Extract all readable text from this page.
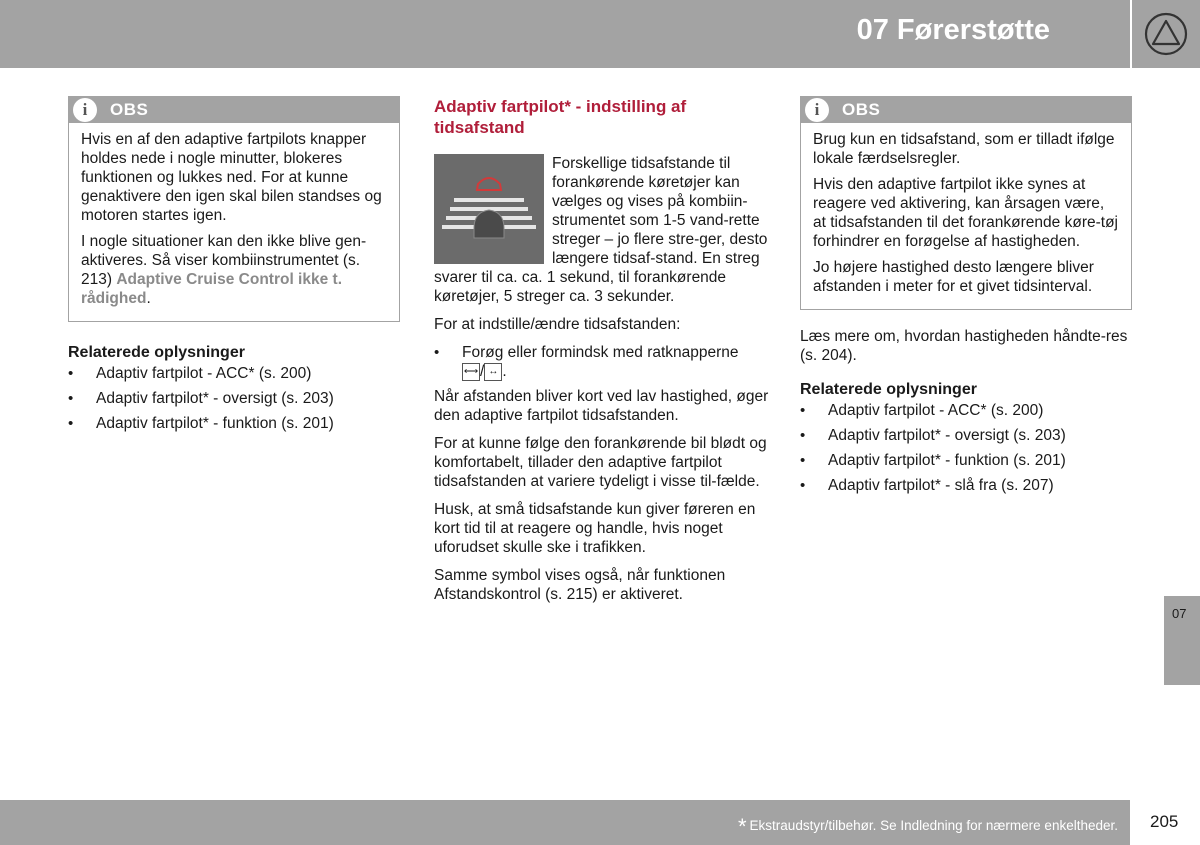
07 Førerstøtte
i	OBS

Hvis en af den adaptive fartpilots knapper holdes nede i nogle minutter, blokeres funktionen og lukkes ned. For at kunne genaktivere den igen skal bilen standses og motoren startes igen.

I nogle situationer kan den ikke blive gen-aktiveres. Så viser kombiinstrumentet (s. 213) Adaptive Cruise Control ikke t. rådighed.

Relaterede oplysninger

• Adaptiv fartpilot - ACC* (s. 200)
• Adaptiv fartpilot* - oversigt (s. 203)
• Adaptiv fartpilot* - funktion (s. 201)
Adaptiv fartpilot* - indstilling af tidsafstand

Forskellige tidsafstande til forankørende køretøjer kan vælges og vises på kombiin-strumentet som 1-5 vand-rette streger – jo flere stre-ger, desto længere tidsaf-stand. En streg svarer til ca. ca. 1 sekund, til forankørende køretøjer, 5 streger ca. 3 sekunder.

For at indstille/ændre tidsafstanden:

• Forøg eller formindsk med ratknapperne
⟷ / ↔ .

Når afstanden bliver kort ved lav hastighed, øger den adaptive fartpilot tidsafstanden.

For at kunne følge den forankørende bil blødt og komfortabelt, tillader den adaptive fartpilot tidsafstanden at variere tydeligt i visse til-fælde.

Husk, at små tidsafstande kun giver føreren en kort tid til at reagere og handle, hvis noget uforudset skulle ske i trafikken.

Samme symbol vises også, når funktionen Afstandskontrol (s. 215) er aktiveret.

i	OBS

Brug kun en tidsafstand, som er tilladt ifølge lokale færdselsregler.

Hvis den adaptive fartpilot ikke synes at reagere ved aktivering, kan årsagen være, at tidsafstanden til det forankørende køre-tøj forhindrer en forøgelse af hastigheden.

Jo højere hastighed desto længere bliver afstanden i meter for et givet tidsinterval.

Læs mere om, hvordan hastigheden håndte-res (s. 204).

Relaterede oplysninger

• Adaptiv fartpilot - ACC* (s. 200)
• Adaptiv fartpilot* - oversigt (s. 203)
• Adaptiv fartpilot* - funktion (s. 201)
• Adaptiv fartpilot* - slå fra (s. 207)
07
* Ekstraudstyr/tilbehør. Se Indledning for nærmere enkeltheder. 205
